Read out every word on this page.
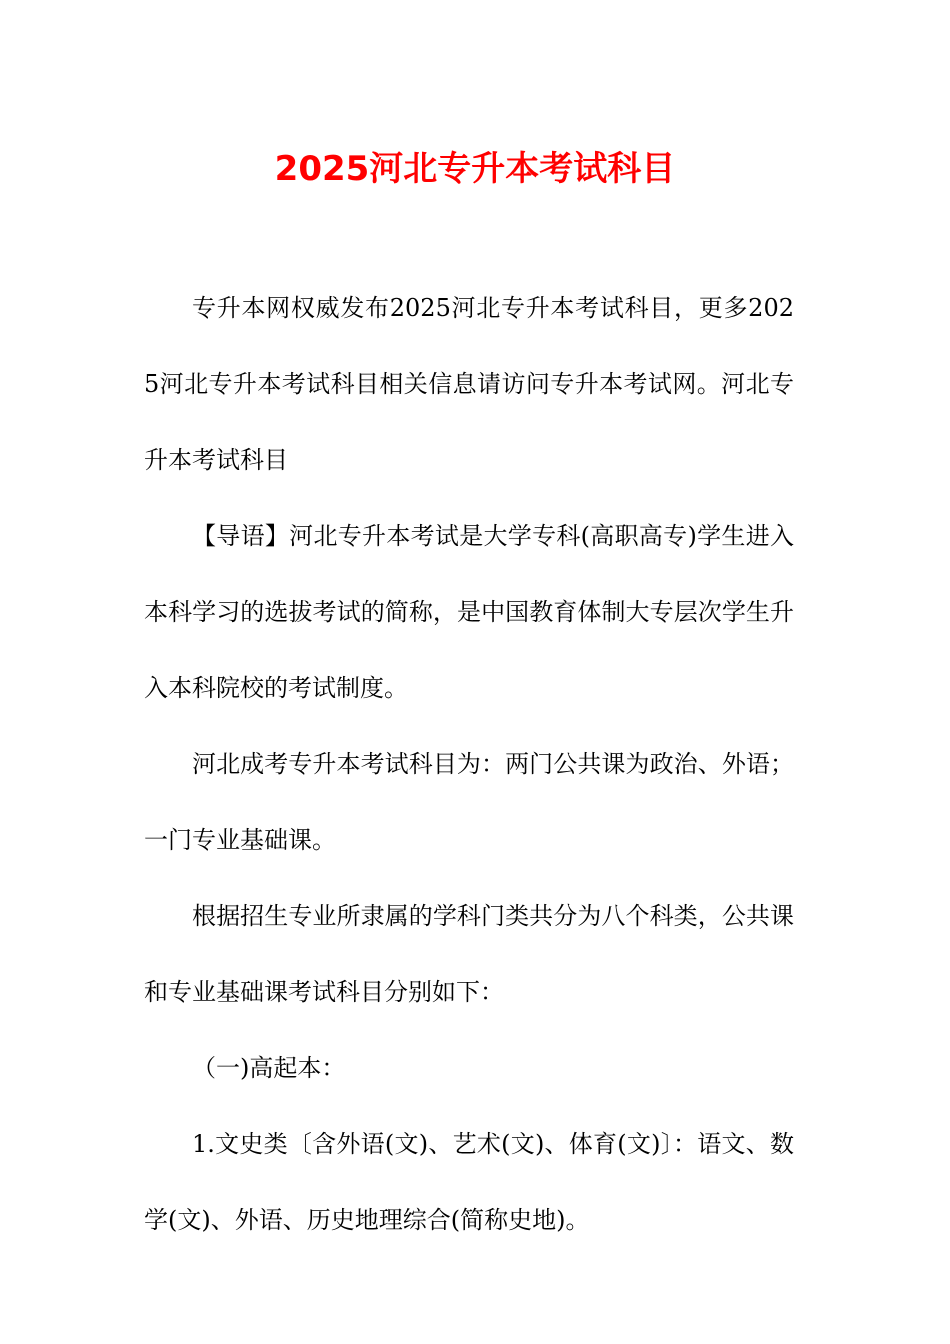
2025河北专升本考试科目

专升本网权威发布2025河北专升本考试科目，更多2025河北专升本考试科目相关信息请访问专升本考试网。河北专升本考试科目

【导语】河北专升本考试是大学专科(高职高专)学生进入本科学习的选拔考试的简称，是中国教育体制大专层次学生升入本科院校的考试制度。

河北成考专升本考试科目为：两门公共课为政治、外语；一门专业基础课。

根据招生专业所隶属的学科门类共分为八个科类，公共课和专业基础课考试科目分别如下：

（一)高起本：

1.文史类〔含外语(文)、艺术(文)、体育(文)〕：语文、数学(文)、外语、历史地理综合(简称史地)。
